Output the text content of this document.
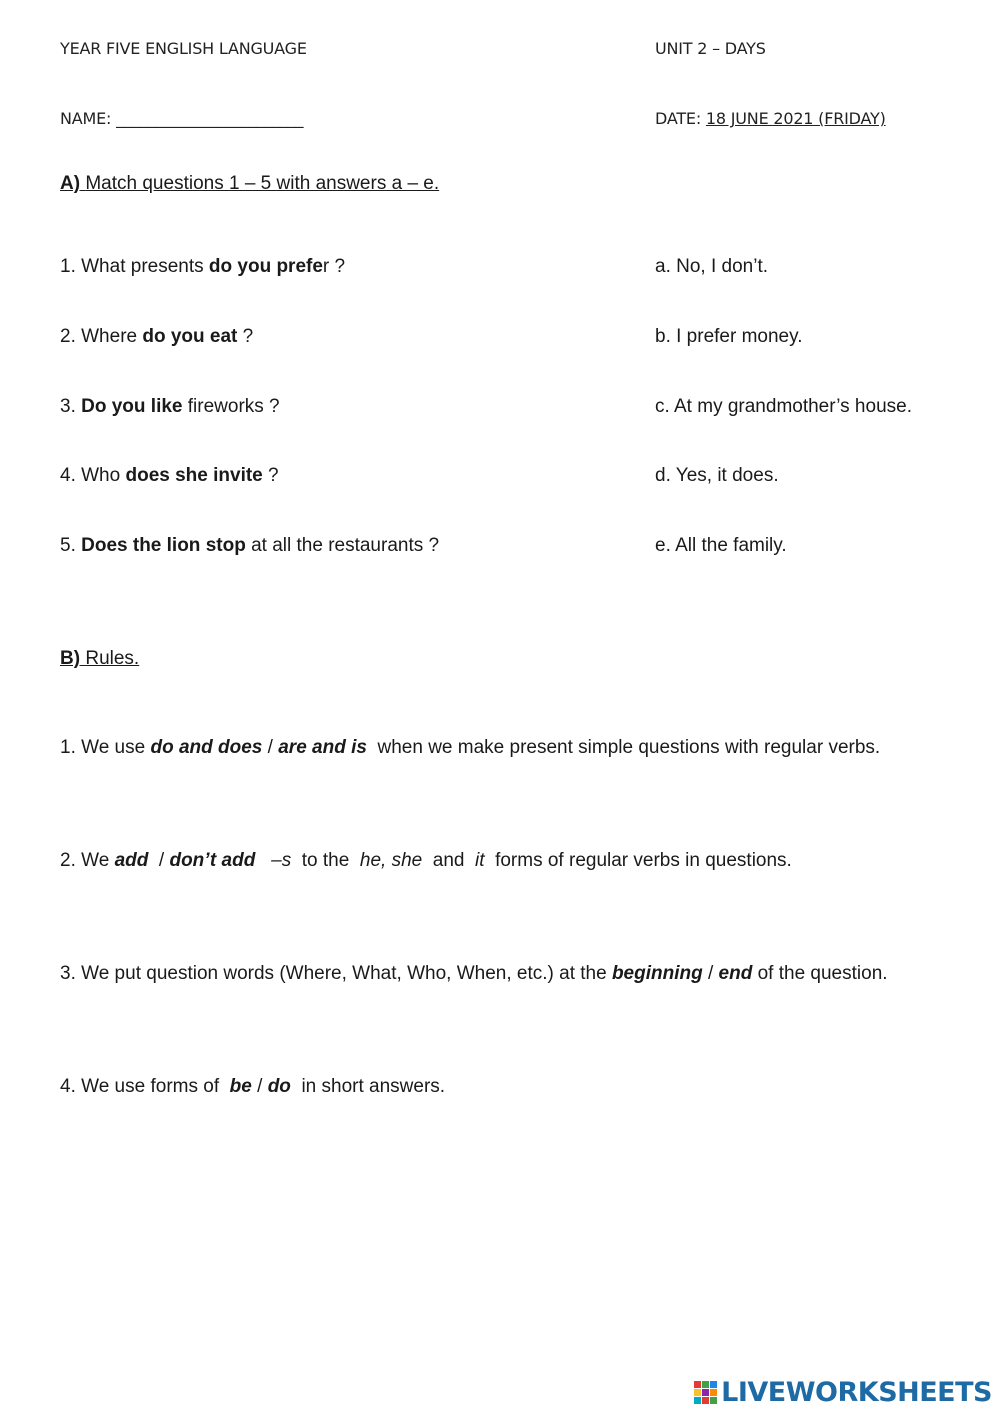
YEAR FIVE ENGLISH LANGUAGE	UNIT 2 – DAYS
NAME: ________________________	DATE: 18 JUNE 2021 (FRIDAY)
A) Match questions 1 – 5 with answers a – e.
1. What presents do you prefer ?
2. Where do you eat ?
3. Do you like fireworks ?
4. Who does she invite ?
5. Does the lion stop at all the restaurants ?
a. No, I don’t.
b. I prefer money.
c. At my grandmother’s house.
d. Yes, it does.
e. All the family.
B) Rules.
1. We use do and does / are and is  when we make present simple questions with regular verbs.
2. We add  / don’t add –s  to the  he, she  and  it  forms of regular verbs in questions.
3. We put question words (Where, What, Who, When, etc.) at the beginning / end of the question.
4. We use forms of  be / do  in short answers.
LIVEWORKSHEETS
